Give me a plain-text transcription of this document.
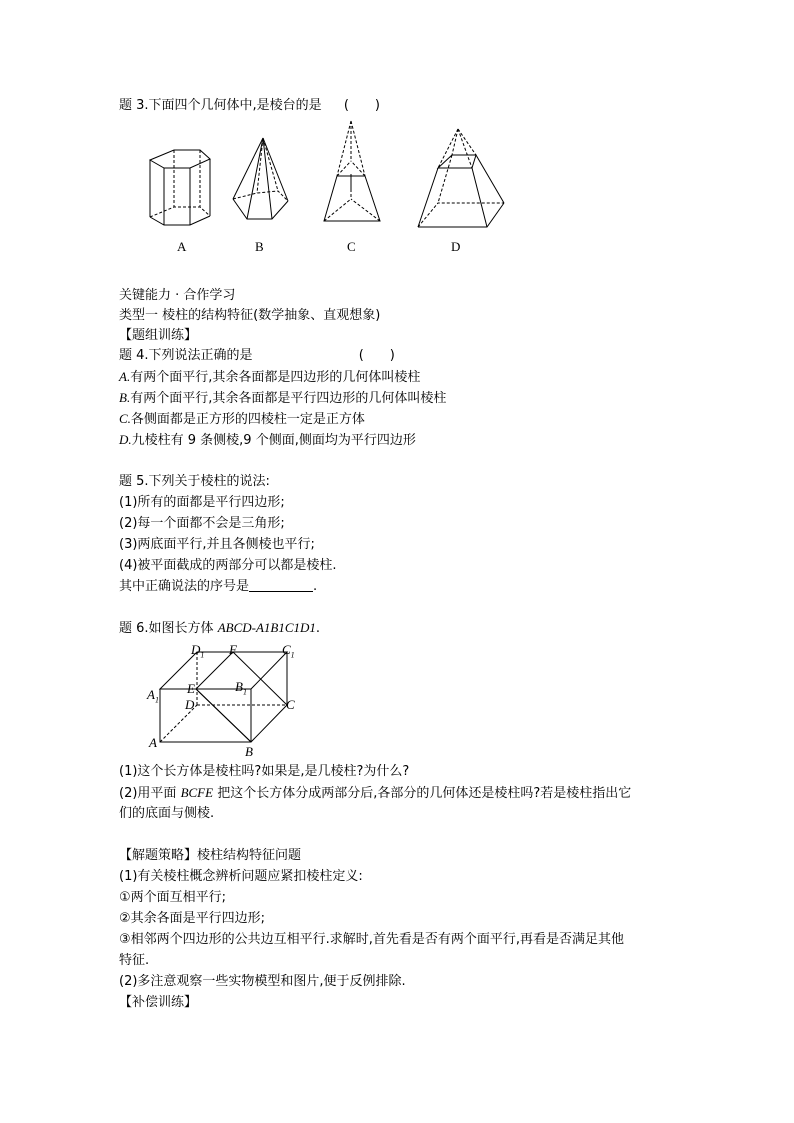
题 3.下面四个几何体中,是棱台的是 (　　)
A	B	C	D
关键能力 · 合作学习
类型一 棱柱的结构特征(数学抽象、直观想象)
【题组训练】
题 4.下列说法正确的是	(　　)
A.有两个面平行,其余各面都是四边形的几何体叫棱柱
B.有两个面平行,其余各面都是平行四边形的几何体叫棱柱
C.各侧面都是正方形的四棱柱一定是正方体
D.九棱柱有 9 条侧棱,9 个侧面,侧面均为平行四边形
题 5.下列关于棱柱的说法:
(1)所有的面都是平行四边形;
(2)每一个面都不会是三角形;
(3)两底面平行,并且各侧棱也平行;
(4)被平面截成的两部分可以都是棱柱.
其中正确说法的序号是	.
题 6.如图长方体 ABCD-A1B1C1D1.
$D_1$ F	$C_1$
$A_1$
E	$B_1$
D	C
A
B
(1)这个长方体是棱柱吗?如果是,是几棱柱?为什么?
(2)用平面 BCFE 把这个长方体分成两部分后,各部分的几何体还是棱柱吗?若是棱柱指出它
们的底面与侧棱.
【解题策略】棱柱结构特征问题
(1)有关棱柱概念辨析问题应紧扣棱柱定义:
①两个面互相平行;
②其余各面是平行四边形;
③相邻两个四边形的公共边互相平行.求解时,首先看是否有两个面平行,再看是否满足其他
特征.
(2)多注意观察一些实物模型和图片,便于反例排除.
【补偿训练】
